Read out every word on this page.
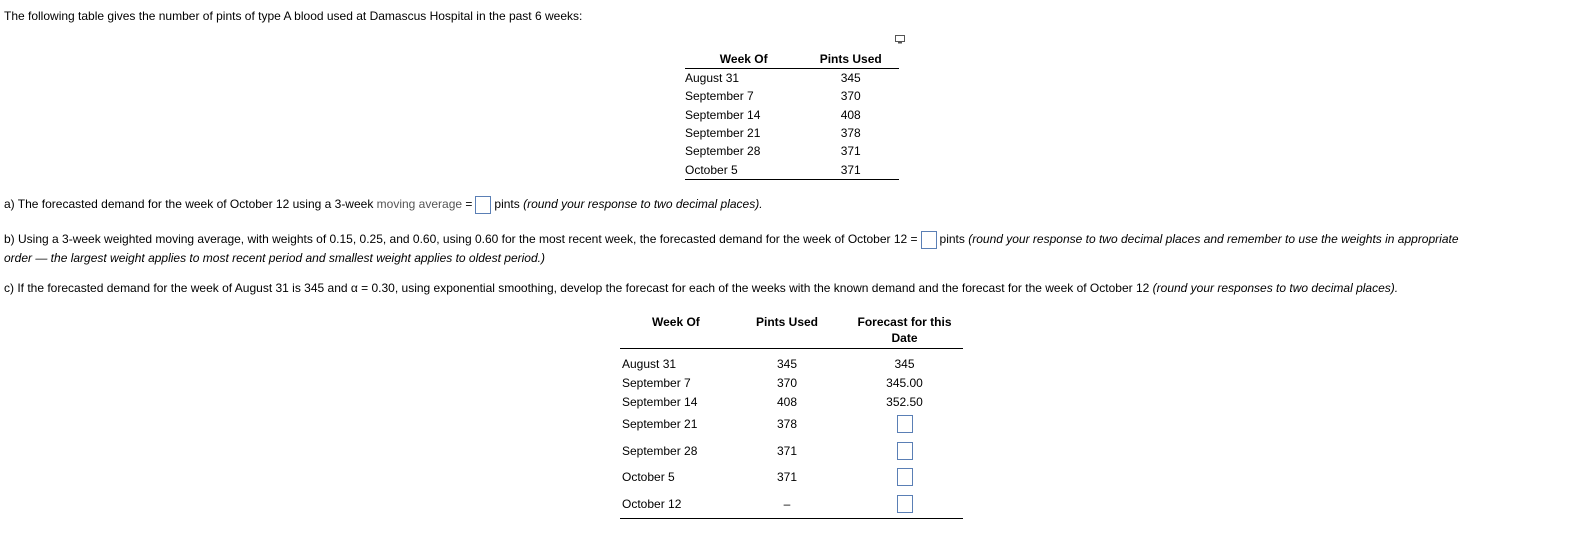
The following table gives the number of pints of type A blood used at Damascus Hospital in the past 6 weeks:
Week Of	Pints Used
August 31	345
September 7	370
September 14	408
September 21	378
September 28	371
October 5	371
a) The forecasted demand for the week of October 12 using a 3-week moving average = pints (round your response to two decimal places).
b) Using a 3-week weighted moving average, with weights of 0.15, 0.25, and 0.60, using 0.60 for the most recent week, the forecasted demand for the week of October 12 = pints (round your response to two decimal places and remember to use the weights in appropriate
order — the largest weight applies to most recent period and smallest weight applies to oldest period.)
c) If the forecasted demand for the week of August 31 is 345 and α = 0.30, using exponential smoothing, develop the forecast for each of the weeks with the known demand and the forecast for the week of October 12 (round your responses to two decimal places).
Week Of	Pints Used	Forecast for this
Date
August 31	345	345
September 7	370	345.00
September 14	408	352.50
September 21	378	
September 28	371	
October 5	371	
October 12	–	
